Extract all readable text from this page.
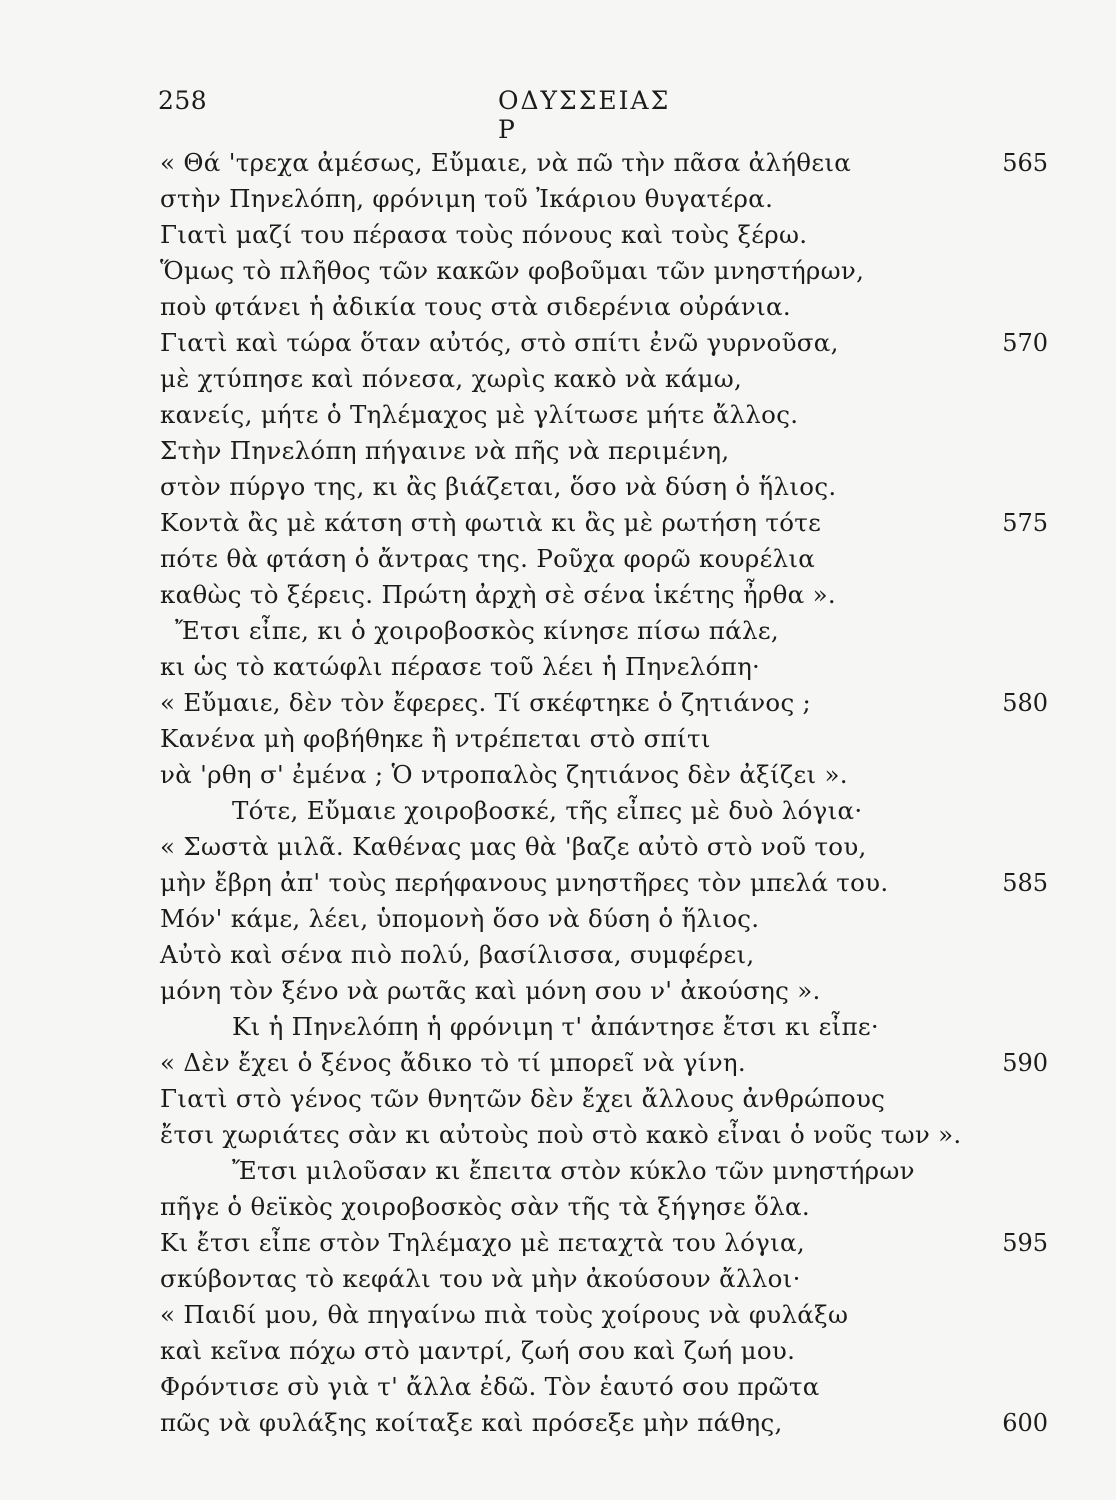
258	ΟΔΥΣΣΕΙΑΣ Ρ
« Θά 'τρεχα ἀμέσως, Εὔμαιε, νὰ πῶ τὴν πᾶσα ἀλήθεια
στὴν Πηνελόπη, φρόνιμη τοῦ Ἰκάριου θυγατέρα.
Γιατὶ μαζί του πέρασα τοὺς πόνους καὶ τοὺς ξέρω.
Ὅμως τὸ πλῆθος τῶν κακῶν φοβοῦμαι τῶν μνηστήρων,
ποὺ φτάνει ἡ ἀδικία τους στὰ σιδερένια οὐράνια.
Γιατὶ καὶ τώρα ὅταν αὐτός, στὸ σπίτι ἐνῶ γυρνοῦσα,
μὲ χτύπησε καὶ πόνεσα, χωρὶς κακὸ νὰ κάμω,
κανείς, μήτε ὁ Τηλέμαχος μὲ γλίτωσε μήτε ἄλλος.
Στὴν Πηνελόπη πήγαινε νὰ πῆς νὰ περιμένη,
στὸν πύργο της, κι ἂς βιάζεται, ὅσο νὰ δύση ὁ ἥλιος.
Κοντὰ ἂς μὲ κάτση στὴ φωτιὰ κι ἂς μὲ ρωτήση τότε
πότε θὰ φτάση ὁ ἄντρας της. Ροῦχα φορῶ κουρέλια
καθὼς τὸ ξέρεις. Πρώτη ἀρχὴ σὲ σένα ἱκέτης ἦρθα ».
Ἔτσι εἶπε, κι ὁ χοιροβοσκὸς κίνησε πίσω πάλε,
κι ὡς τὸ κατώφλι πέρασε τοῦ λέει ἡ Πηνελόπη·
« Εὔμαιε, δὲν τὸν ἔφερες. Τί σκέφτηκε ὁ ζητιάνος ;
Κανένα μὴ φοβήθηκε ἢ ντρέπεται στὸ σπίτι
νὰ 'ρθη σ' ἐμένα ; Ὁ ντροπαλὸς ζητιάνος δὲν ἀξίζει ».
Τότε, Εὔμαιε χοιροβοσκέ, τῆς εἶπες μὲ δυὸ λόγια·
« Σωστὰ μιλᾶ. Καθένας μας θὰ 'βαζε αὐτὸ στὸ νοῦ του,
μὴν ἔβρη ἀπ' τοὺς περήφανους μνηστῆρες τὸν μπελά του.
Μόν' κάμε, λέει, ὑπομονὴ ὅσο νὰ δύση ὁ ἥλιος.
Αὐτὸ καὶ σένα πιὸ πολύ, βασίλισσα, συμφέρει,
μόνη τὸν ξένο νὰ ρωτᾶς καὶ μόνη σου ν' ἀκούσης ».
Κι ἡ Πηνελόπη ἡ φρόνιμη τ' ἀπάντησε ἔτσι κι εἶπε·
« Δὲν ἔχει ὁ ξένος ἄδικο τὸ τί μπορεῖ νὰ γίνη.
Γιατὶ στὸ γένος τῶν θνητῶν δὲν ἔχει ἄλλους ἀνθρώπους
ἔτσι χωριάτες σὰν κι αὐτοὺς ποὺ στὸ κακὸ εἶναι ὁ νοῦς των ».
Ἔτσι μιλοῦσαν κι ἔπειτα στὸν κύκλο τῶν μνηστήρων
πῆγε ὁ θεϊκὸς χοιροβοσκὸς σὰν τῆς τὰ ξήγησε ὅλα.
Κι ἔτσι εἶπε στὸν Τηλέμαχο μὲ πεταχτὰ του λόγια,
σκύβοντας τὸ κεφάλι του νὰ μὴν ἀκούσουν ἄλλοι·
« Παιδί μου, θὰ πηγαίνω πιὰ τοὺς χοίρους νὰ φυλάξω
καὶ κεῖνα πόχω στὸ μαντρί, ζωή σου καὶ ζωή μου.
Φρόντισε σὺ γιὰ τ' ἄλλα ἐδῶ. Τὸν ἑαυτό σου πρῶτα
πῶς νὰ φυλάξης κοίταξε καὶ πρόσεξε μὴν πάθης,
565
570
575
580
585
590
595
600
